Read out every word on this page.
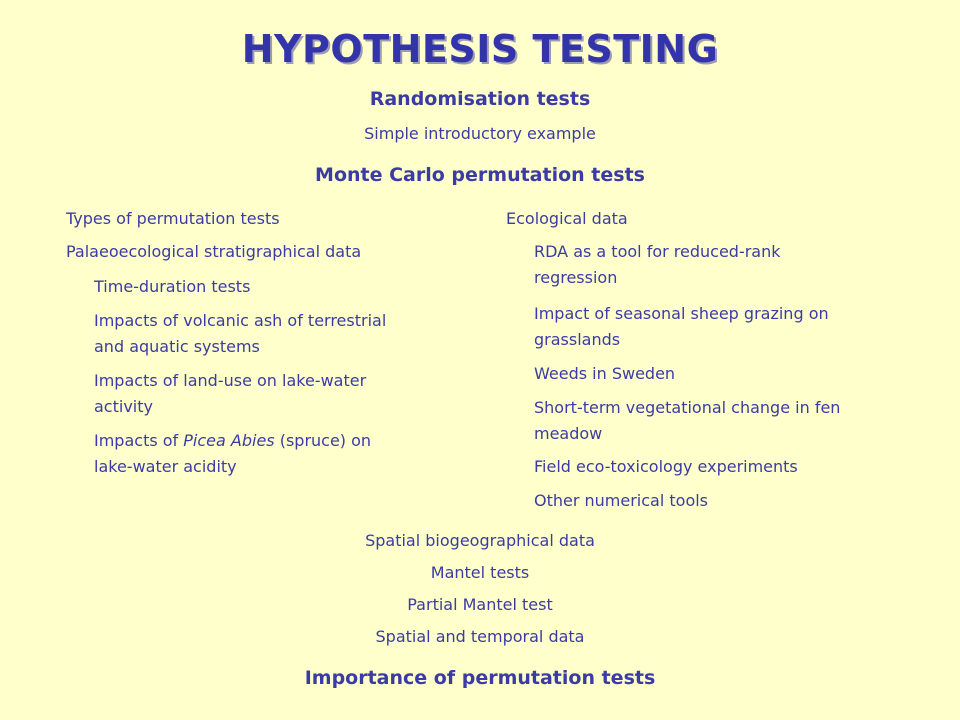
HYPOTHESIS TESTING
Randomisation tests
Simple introductory example
Monte Carlo permutation tests
Types of permutation tests
Palaeoecological stratigraphical data
Time-duration tests
Impacts of volcanic ash of terrestrial
and aquatic systems
Impacts of land-use on lake-water
activity
Impacts of Picea Abies (spruce) on
lake-water acidity
Ecological data
RDA as a tool for reduced-rank
regression
Impact of seasonal sheep grazing on
grasslands
Weeds in Sweden
Short-term vegetational change in fen
meadow
Field eco-toxicology experiments
Other numerical tools
Spatial biogeographical data
Mantel tests
Partial Mantel test
Spatial and temporal data
Importance of permutation tests
